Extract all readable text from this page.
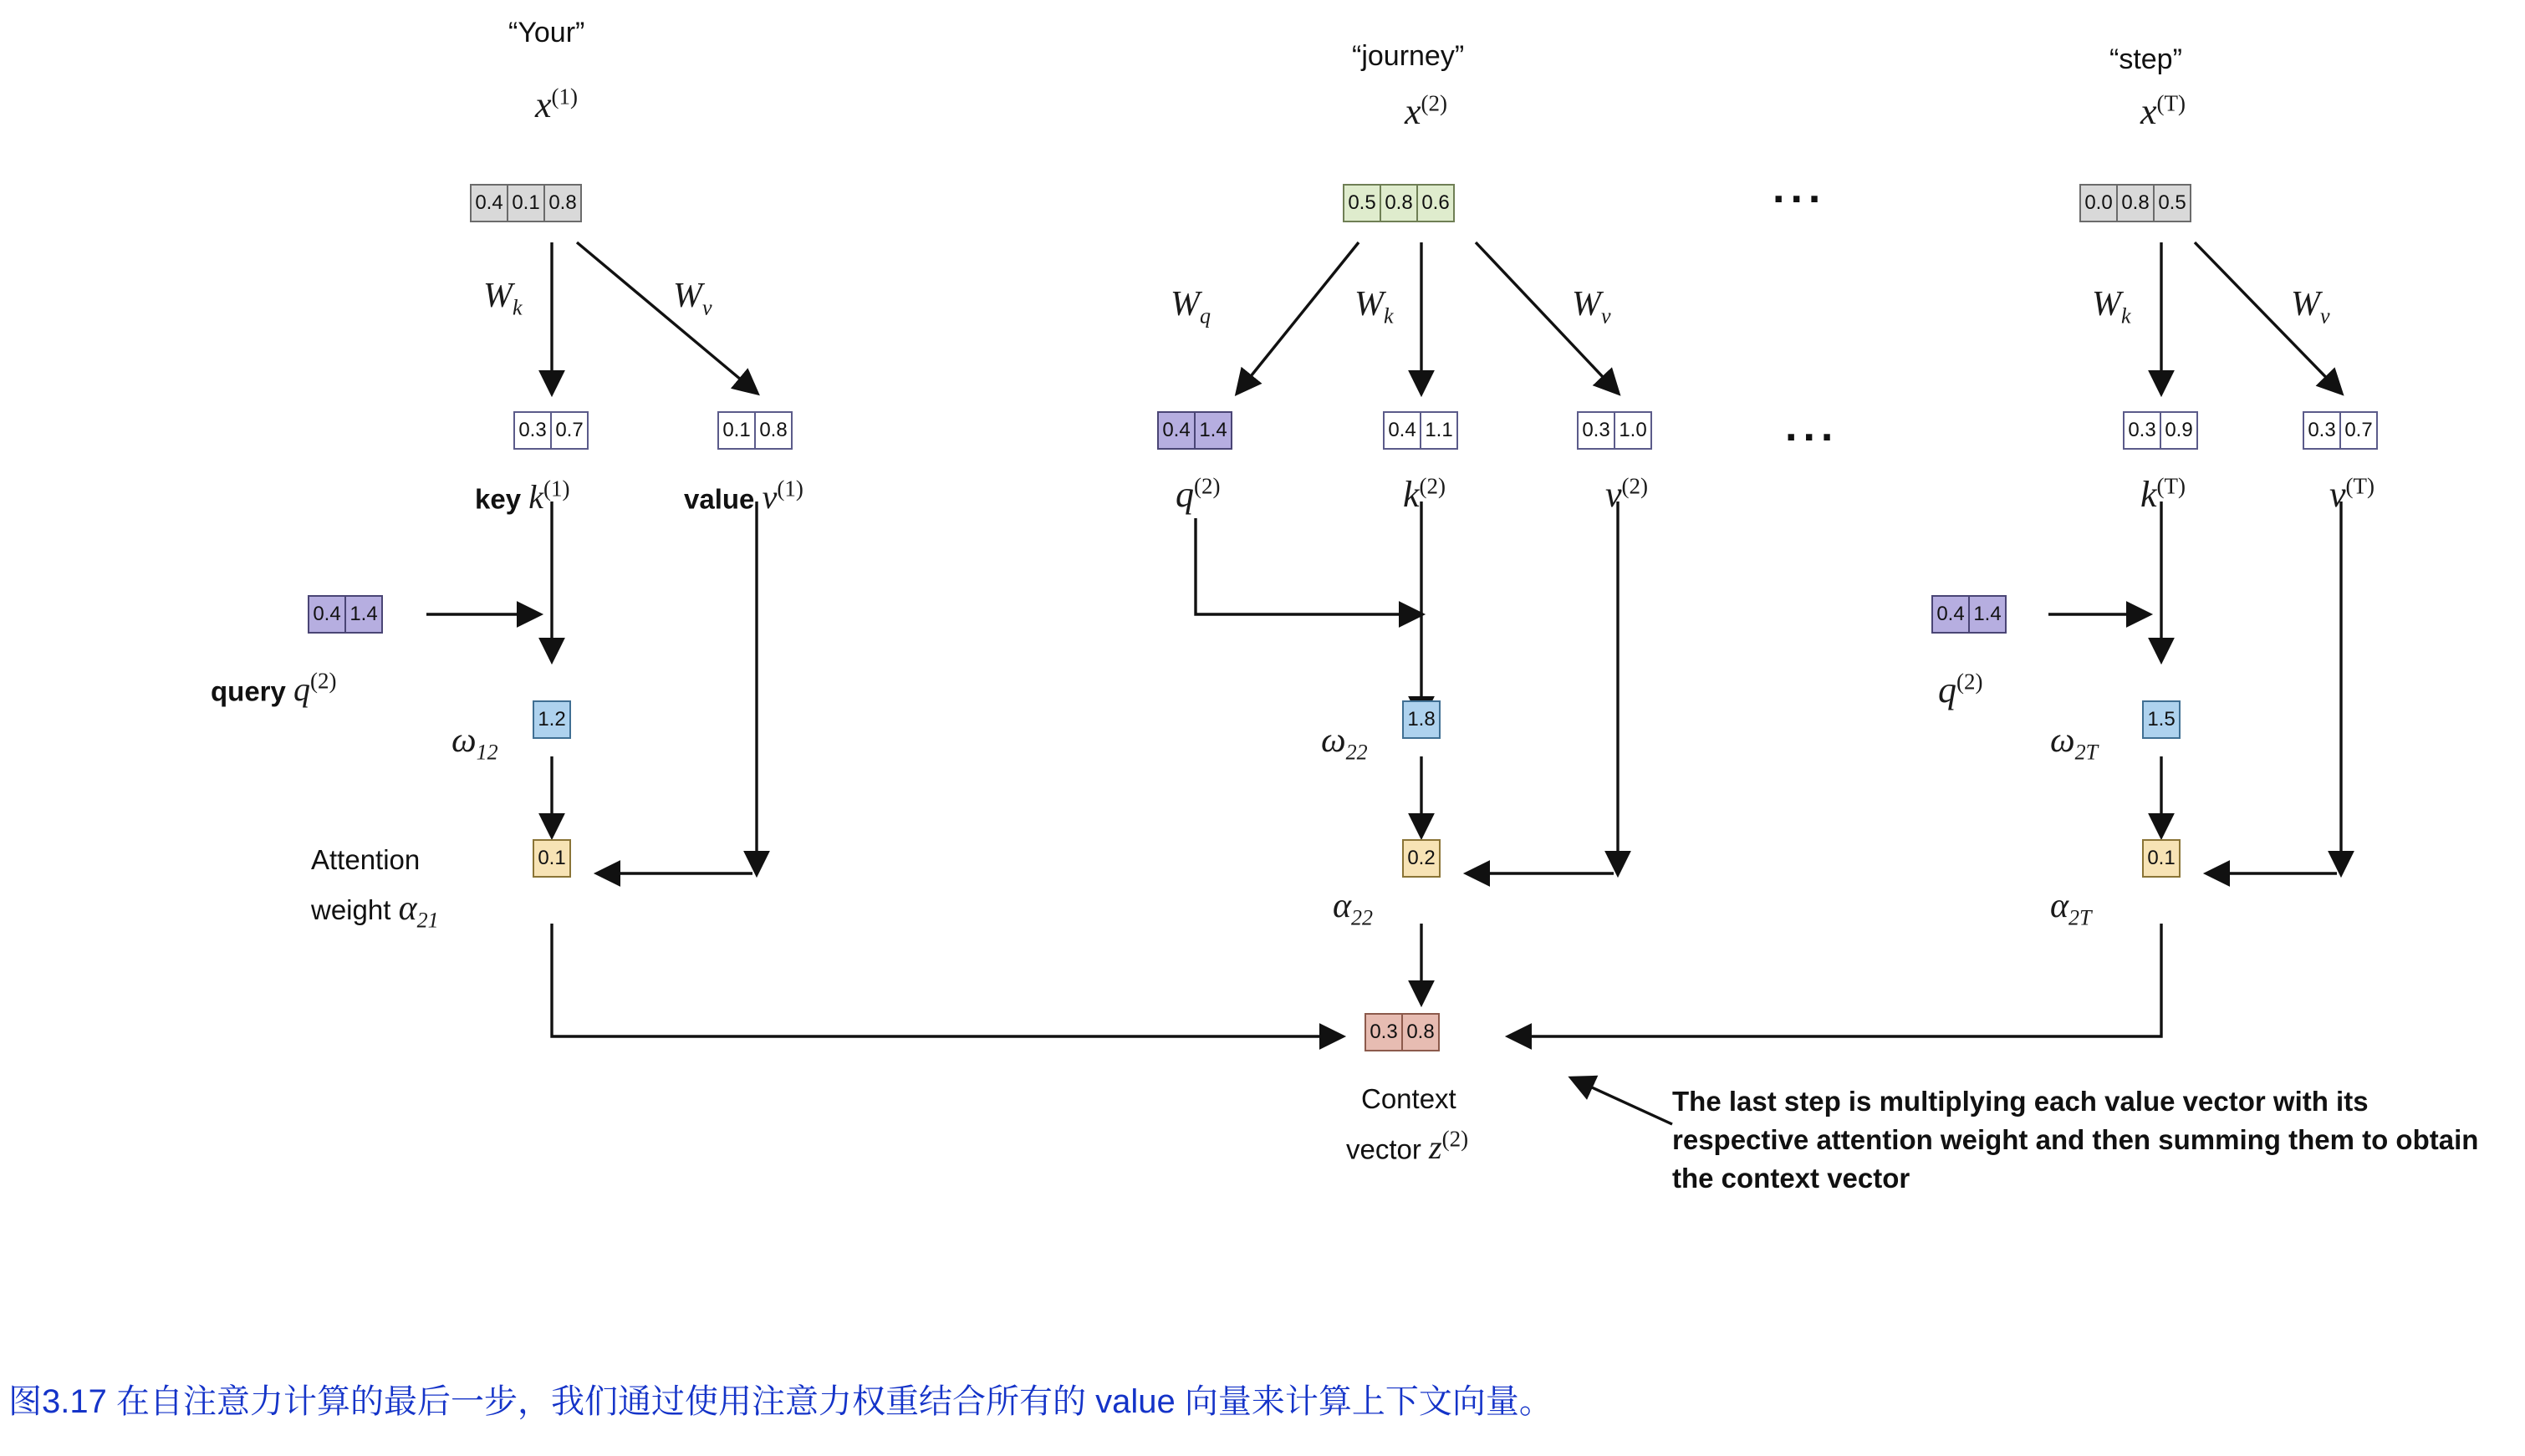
“Your”
$x^{(1)}$
0.4 0.1 0.8
$W_k$	$W_v$
0.3 0.7
key $k^{(1)}$
0.1 0.8
value $v^{(1)}$
0.4 1.4
query $q^{(2)}$
$\omega_{12}$
1.2
0.1
Attention
weight $\alpha_{21}$
...
...
“journey”
$x^{(2)}$
0.5 0.8 0.6
$W_q$	$W_k$	$W_v$
0.4 1.4
$q^{(2)}$
0.4 1.1
$k^{(2)}$
0.3 1.0
$v^{(2)}$
$\omega_{22}$
1.8
$\alpha_{22}$
0.2
0.3 0.8
Context
vector $z^{(2)}$
“step”
$x^{(T)}$
0.0 0.8 0.5
$W_k$	$W_v$
0.3 0.9
$k^{(T)}$
0.3 0.7
$v^{(T)}$
0.4 1.4
$q^{(2)}$
$\omega_{2T}$
1.5
$\alpha_{2T}$
0.1
The last step is multiplying each value vector with its respective attention weight and then summing them to obtain the context vector
图3.17 在自注意力计算的最后一步，我们通过使用注意力权重结合所有的 value 向量来计算上下文向量。
